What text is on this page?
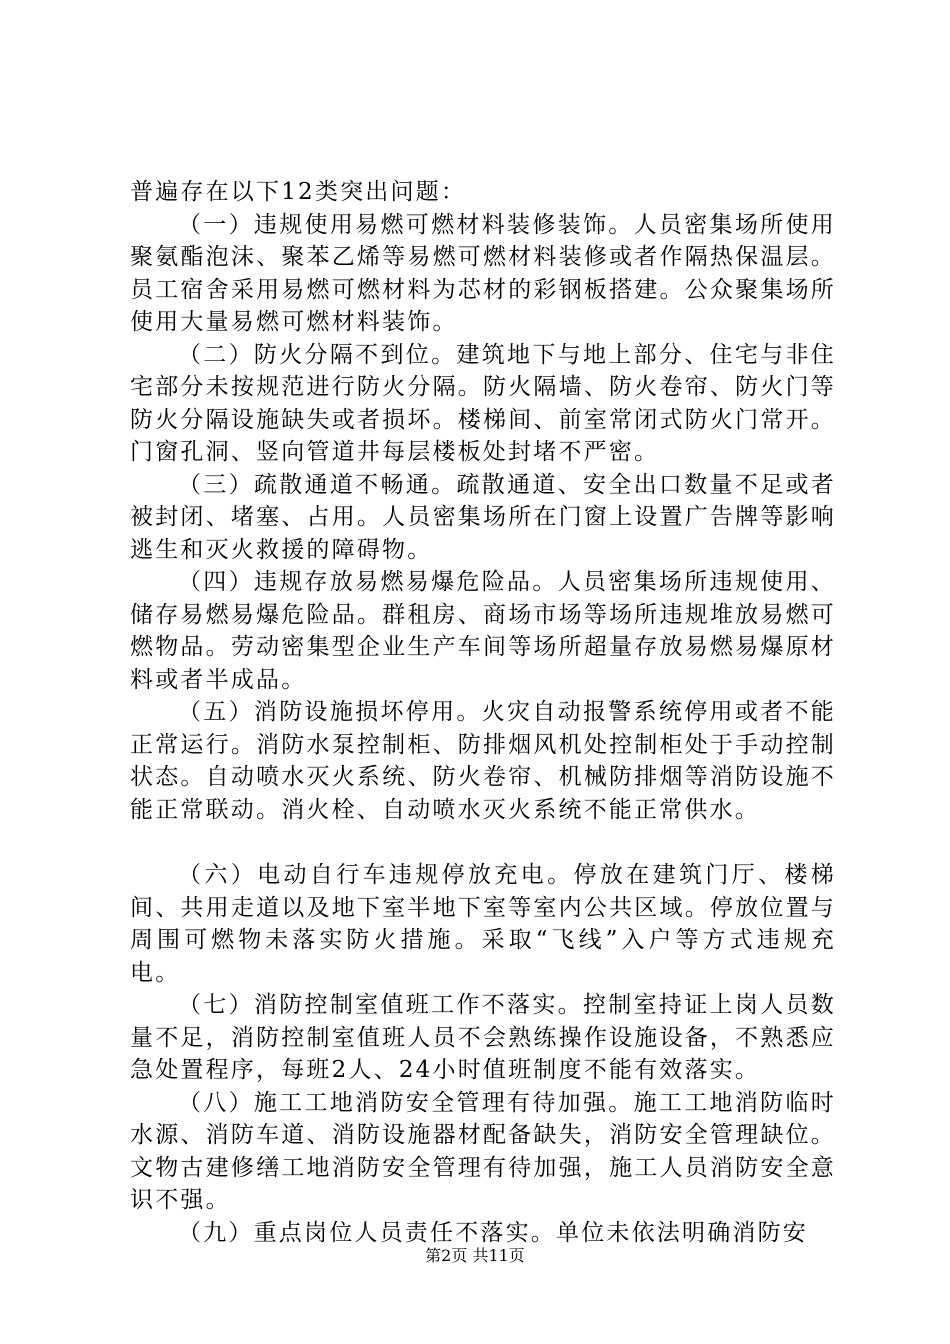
普遍存在以下12类突出问题：

（一）违规使用易燃可燃材料装修装饰。人员密集场所使用聚氨酯泡沫、聚苯乙烯等易燃可燃材料装修或者作隔热保温层。员工宿舍采用易燃可燃材料为芯材的彩钢板搭建。公众聚集场所使用大量易燃可燃材料装饰。

（二）防火分隔不到位。建筑地下与地上部分、住宅与非住宅部分未按规范进行防火分隔。防火隔墙、防火卷帘、防火门等防火分隔设施缺失或者损坏。楼梯间、前室常闭式防火门常开。门窗孔洞、竖向管道井每层楼板处封堵不严密。

（三）疏散通道不畅通。疏散通道、安全出口数量不足或者被封闭、堵塞、占用。人员密集场所在门窗上设置广告牌等影响逃生和灭火救援的障碍物。

（四）违规存放易燃易爆危险品。人员密集场所违规使用、储存易燃易爆危险品。群租房、商场市场等场所违规堆放易燃可燃物品。劳动密集型企业生产车间等场所超量存放易燃易爆原材料或者半成品。

（五）消防设施损坏停用。火灾自动报警系统停用或者不能正常运行。消防水泵控制柜、防排烟风机处控制柜处于手动控制状态。自动喷水灭火系统、防火卷帘、机械防排烟等消防设施不能正常联动。消火栓、自动喷水灭火系统不能正常供水。

（六）电动自行车违规停放充电。停放在建筑门厅、楼梯间、共用走道以及地下室半地下室等室内公共区域。停放位置与周围可燃物未落实防火措施。采取“飞线”入户等方式违规充电。

（七）消防控制室值班工作不落实。控制室持证上岗人员数量不足，消防控制室值班人员不会熟练操作设施设备，不熟悉应急处置程序，每班2人、24小时值班制度不能有效落实。

（八）施工工地消防安全管理有待加强。施工工地消防临时水源、消防车道、消防设施器材配备缺失，消防安全管理缺位。文物古建修缮工地消防安全管理有待加强，施工人员消防安全意识不强。

（九）重点岗位人员责任不落实。单位未依法明确消防安

第2页 共11页
